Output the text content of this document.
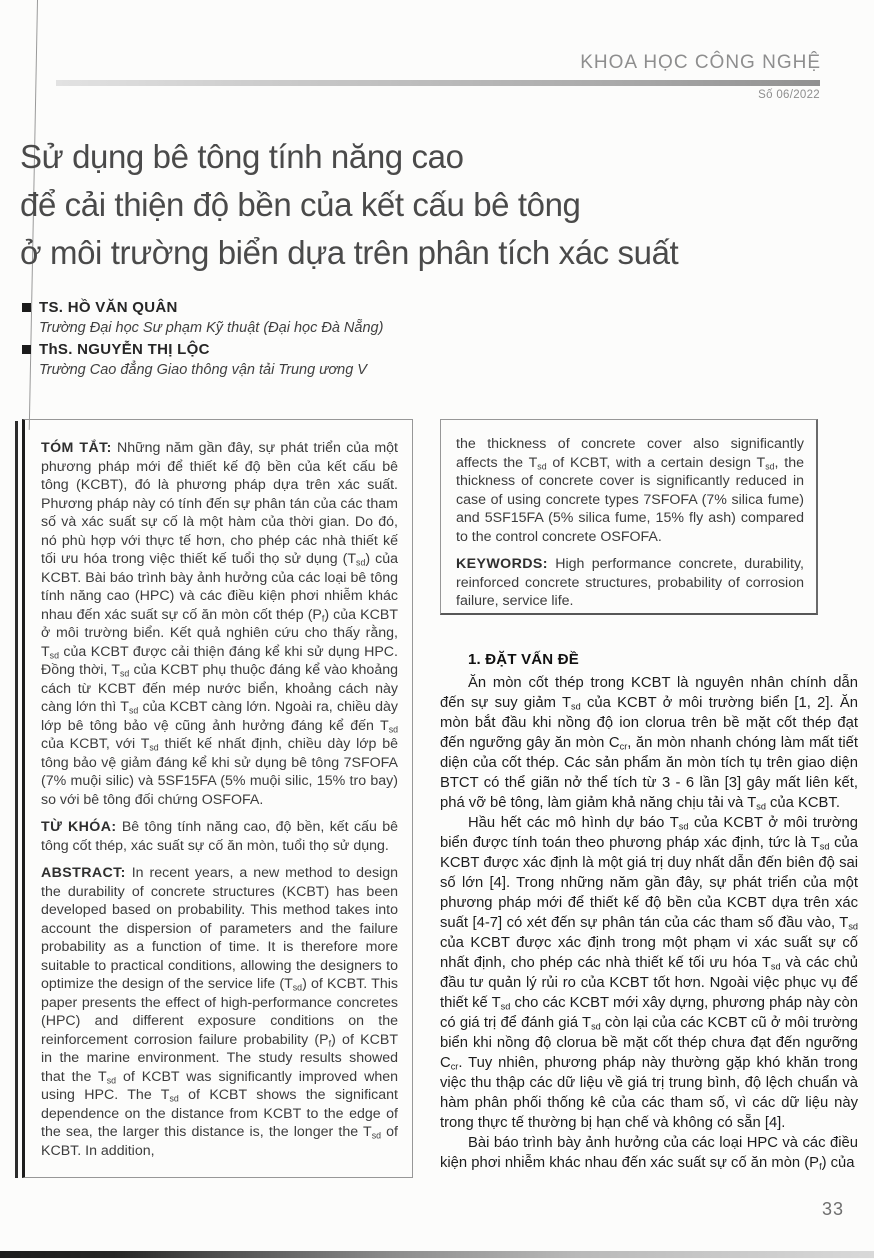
KHOA HỌC CÔNG NGHỆ
Số 06/2022
Sử dụng bê tông tính năng cao
để cải thiện độ bền của kết cấu bê tông
ở môi trường biển dựa trên phân tích xác suất
TS. HỒ VĂN QUÂN
Trường Đại học Sư phạm Kỹ thuật (Đại học Đà Nẵng)
ThS. NGUYỄN THỊ LỘC
Trường Cao đẳng Giao thông vận tải Trung ương V

TÓM TẮT: Những năm gần đây, sự phát triển của một phương pháp mới để thiết kế độ bền của kết cấu bê tông (KCBT), đó là phương pháp dựa trên xác suất. Phương pháp này có tính đến sự phân tán của các tham số và xác suất sự cố là một hàm của thời gian. Do đó, nó phù hợp với thực tế hơn, cho phép các nhà thiết kế tối ưu hóa trong việc thiết kế tuổi thọ sử dụng $(T_{sd})$ của KCBT. Bài báo trình bày ảnh hưởng của các loại bê tông tính năng cao (HPC) và các điều kiện phơi nhiễm khác nhau đến xác suất sự cố ăn mòn cốt thép $(P_f)$ của KCBT ở môi trường biển. Kết quả nghiên cứu cho thấy rằng, $T_{sd}$ của KCBT được cải thiện đáng kể khi sử dụng HPC. Đồng thời, $T_{sd}$ của KCBT phụ thuộc đáng kể vào khoảng cách từ KCBT đến mép nước biển, khoảng cách này càng lớn thì $T_{sd}$ của KCBT càng lớn. Ngoài ra, chiều dày lớp bê tông bảo vệ cũng ảnh hưởng đáng kể đến $T_{sd}$ của KCBT, với $T_{sd}$ thiết kế nhất định, chiều dày lớp bê tông bảo vệ giảm đáng kể khi sử dụng bê tông 7SFOFA (7% muội silic) và 5SF15FA (5% muội silic, 15% tro bay) so với bê tông đối chứng OSFOFA.

TỪ KHÓA: Bê tông tính năng cao, độ bền, kết cấu bê tông cốt thép, xác suất sự cố ăn mòn, tuổi thọ sử dụng.

ABSTRACT: In recent years, a new method to design the durability of concrete structures (KCBT) has been developed based on probability. This method takes into account the dispersion of parameters and the failure probability as a function of time. It is therefore more suitable to practical conditions, allowing the designers to optimize the design of the service life $(T_{sd})$ of KCBT. This paper presents the effect of high-performance concretes (HPC) and different exposure conditions on the reinforcement corrosion failure probability $(P_f)$ of KCBT in the marine environment. The study results showed that the $T_{sd}$ of KCBT was significantly improved when using HPC. The $T_{sd}$ of KCBT shows the significant dependence on the distance from KCBT to the edge of the sea, the larger this distance is, the longer the $T_{sd}$ of KCBT. In addition,

the thickness of concrete cover also significantly affects the $T_{sd}$ of KCBT, with a certain design $T_{sd}$, the thickness of concrete cover is significantly reduced in case of using concrete types 7SFOFA (7% silica fume) and 5SF15FA (5% silica fume, 15% fly ash) compared to the control concrete OSFOFA.

KEYWORDS: High performance concrete, durability, reinforced concrete structures, probability of corrosion failure, service life.

1. ĐẶT VẤN ĐỀ

Ăn mòn cốt thép trong KCBT là nguyên nhân chính dẫn đến sự suy giảm $T_{sd}$ của KCBT ở môi trường biển [1, 2]. Ăn mòn bắt đầu khi nồng độ ion clorua trên bề mặt cốt thép đạt đến ngưỡng gây ăn mòn $C_{cr}$, ăn mòn nhanh chóng làm mất tiết diện của cốt thép. Các sản phẩm ăn mòn tích tụ trên giao diện BTCT có thể giãn nở thể tích từ 3 - 6 lần [3] gây mất liên kết, phá vỡ bê tông, làm giảm khả năng chịu tải và $T_{sd}$ của KCBT.

Hầu hết các mô hình dự báo $T_{sd}$ của KCBT ở môi trường biển được tính toán theo phương pháp xác định, tức là $T_{sd}$ của KCBT được xác định là một giá trị duy nhất dẫn đến biên độ sai số lớn [4]. Trong những năm gần đây, sự phát triển của một phương pháp mới để thiết kế độ bền của KCBT dựa trên xác suất [4-7] có xét đến sự phân tán của các tham số đầu vào, $T_{sd}$ của KCBT được xác định trong một phạm vi xác suất sự cố nhất định, cho phép các nhà thiết kế tối ưu hóa $T_{sd}$ và các chủ đầu tư quản lý rủi ro của KCBT tốt hơn. Ngoài việc phục vụ để thiết kế $T_{sd}$ cho các KCBT mới xây dựng, phương pháp này còn có giá trị để đánh giá $T_{sd}$ còn lại của các KCBT cũ ở môi trường biển khi nồng độ clorua bề mặt cốt thép chưa đạt đến ngưỡng $C_{cr}$. Tuy nhiên, phương pháp này thường gặp khó khăn trong việc thu thập các dữ liệu về giá trị trung bình, độ lệch chuẩn và hàm phân phối thống kê của các tham số, vì các dữ liệu này trong thực tế thường bị hạn chế và không có sẵn [4].

Bài báo trình bày ảnh hưởng của các loại HPC và các điều kiện phơi nhiễm khác nhau đến xác suất sự cố ăn mòn $(P_f)$ của

33
